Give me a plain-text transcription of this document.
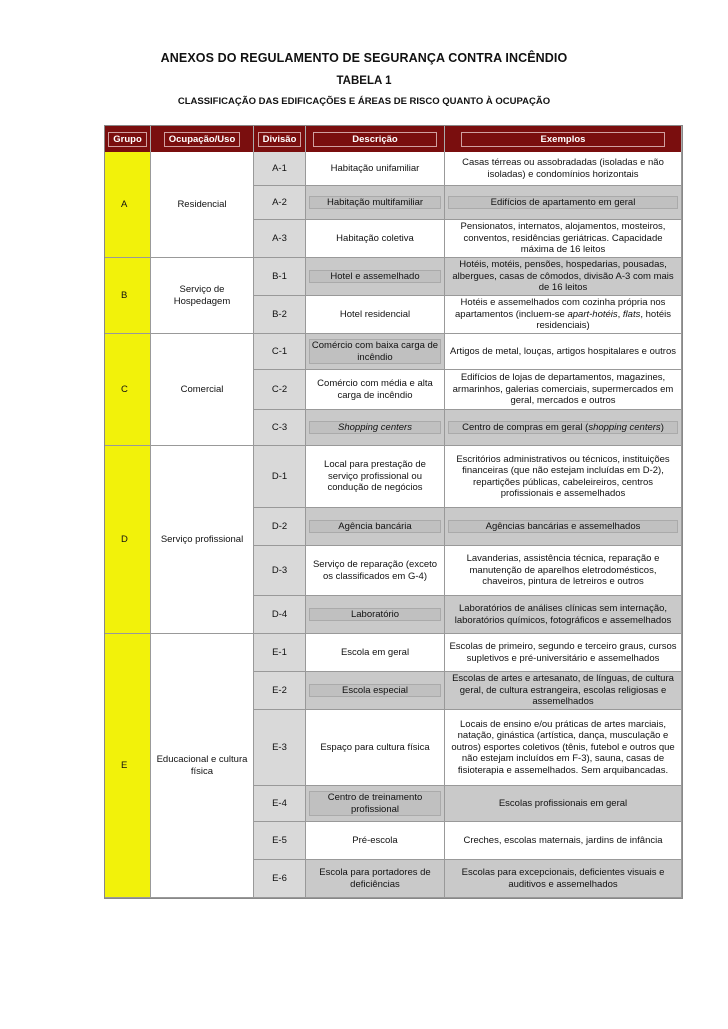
ANEXOS DO REGULAMENTO DE SEGURANÇA CONTRA INCÊNDIO
TABELA 1
CLASSIFICAÇÃO DAS EDIFICAÇÕES E ÁREAS DE RISCO QUANTO À OCUPAÇÃO
Grupo	Ocupação/Uso	Divisão	Descrição	Exemplos
A	Residencial	A-1	Habitação unifamiliar	Casas térreas ou assobradadas (isoladas e não isoladas) e condomínios horizontais
		A-2	Habitação multifamiliar	Edifícios de apartamento em geral

		A-3	Habitação coletiva	Pensionatos, internatos, alojamentos, mosteiros, conventos, residências geriátricas. Capacidade máxima de 16 leitos
B	Serviço de Hospedagem	B-1	Hotel e assemelhado	Hotéis, motéis, pensões, hospedarias, pousadas, albergues, casas de cômodos, divisão A-3 com mais de 16 leitos
		B-2	Hotel residencial	Hotéis e assemelhados com cozinha própria nos apartamentos (incluem-se apart-hotéis, flats, hotéis residenciais)
C	Comercial	C-1	Comércio com baixa carga de incêndio	Artigos de metal, louças, artigos hospitalares e outros
		C-2	Comércio com média e alta carga de incêndio	Edifícios de lojas de departamentos, magazines, armarinhos, galerias comerciais, supermercados em geral, mercados e outros
		C-3	Shopping centers	Centro de compras em geral (shopping centers)

D	Serviço profissional	D-1	Local para prestação de serviço profissional ou condução de negócios	Escritórios administrativos ou técnicos, instituições financeiras (que não estejam incluídas em D-2), repartições públicas, cabeleireiros, centros profissionais e assemelhados
		D-2	Agência bancária	Agências bancárias e assemelhados

		D-3	Serviço de reparação (exceto os classificados em G-4)	Lavanderias, assistência técnica, reparação e manutenção de aparelhos eletrodomésticos, chaveiros, pintura de letreiros e outros
		D-4	Laboratório	Laboratórios de análises clínicas sem internação, laboratórios químicos, fotográficos e assemelhados
E	Educacional e cultura física	E-1	Escola em geral	Escolas de primeiro, segundo e terceiro graus, cursos supletivos e pré-universitário e assemelhados
		E-2	Escola especial	Escolas de artes e artesanato, de línguas, de cultura geral, de cultura estrangeira, escolas religiosas e assemelhados
		E-3	Espaço para cultura física	Locais de ensino e/ou práticas de artes marciais, natação, ginástica (artística, dança, musculação e outros) esportes coletivos (tênis, futebol e outros que não estejam incluídos em F-3), sauna, casas de fisioterapia e assemelhados. Sem arquibancadas.
		E-4	Centro de treinamento profissional	Escolas profissionais em geral
		E-5	Pré-escola	Creches, escolas maternais, jardins de infância
		E-6	Escola para portadores de deficiências	Escolas para excepcionais, deficientes visuais e auditivos e assemelhados
